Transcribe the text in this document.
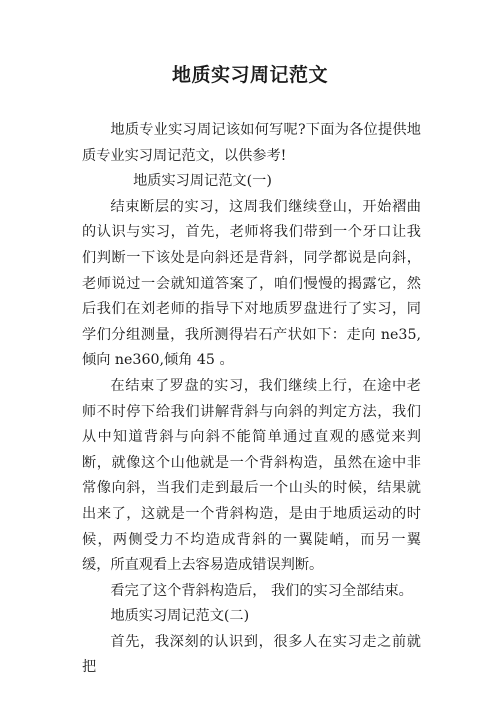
地质实习周记范文

地质专业实习周记该如何写呢?下面为各位提供地质专业实习周记范文，以供参考!

地质实习周记范文(一)

结束断层的实习，这周我们继续登山，开始褶曲的认识与实习，首先，老师将我们带到一个牙口让我们判断一下该处是向斜还是背斜，同学都说是向斜，老师说过一会就知道答案了，咱们慢慢的揭露它，然后我们在刘老师的指导下对地质罗盘进行了实习，同学们分组测量，我所测得岩石产状如下：走向 ne35,倾向 ne360,倾角 45 。

在结束了罗盘的实习，我们继续上行，在途中老师不时停下给我们讲解背斜与向斜的判定方法，我们从中知道背斜与向斜不能简单通过直观的感觉来判断，就像这个山他就是一个背斜构造，虽然在途中非常像向斜，当我们走到最后一个山头的时候，结果就出来了，这就是一个背斜构造，是由于地质运动的时候，两侧受力不均造成背斜的一翼陡峭，而另一翼缓，所直观看上去容易造成错误判断。

看完了这个背斜构造后， 我们的实习全部结束。

地质实习周记范文(二)

首先，我深刻的认识到，很多人在实习走之前就把
